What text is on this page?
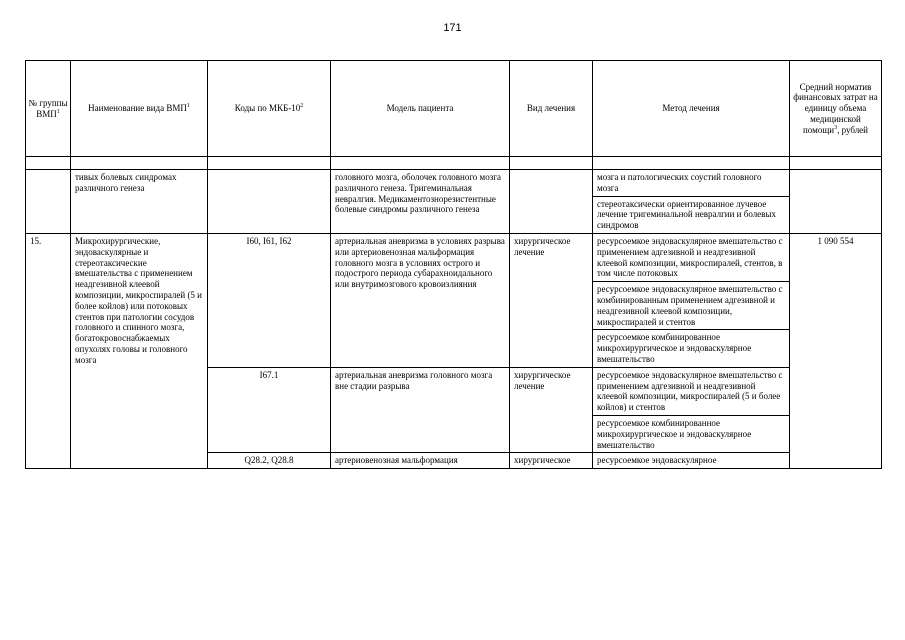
171
№ группы ВМП$^1$	Наименование вида ВМП$^1$	Коды по МКБ-$10^2$	Модель пациента	Вид лечения	Метод лечения	Средний норматив финансовых затрат на единицу объема медицинской помощи$^3$, рублей

	тивых болевых синдромах различного генеза		головного мозга, оболочек головного мозга различного генеза. Тригеминальная невралгия. Медикаментознорезистентные болевые синдромы различного генеза		мозга и патологических соустий головного мозга	
					стереотаксически ориентированное лучевое лечение тригеминальной невралгии и болевых синдромов	
15.	Микрохирургические, эндоваскулярные и стереотаксические вмешательства с применением неадгезивной клеевой композиции, микроспиралей (5 и более койлов) или потоковых стентов при патологии сосудов головного и спинного мозга, богатокровоснабжаемых опухолях головы и головного мозга	I60, I61, I62	артериальная аневризма в условиях разрыва или артериовенозная мальформация головного мозга в условиях острого и подострого периода субарахноидального или внутримозгового кровоизлияния	хирургическое лечение	ресурсоемкое эндоваскулярное вмешательство с применением адгезивной и неадгезивной клеевой композиции, микроспиралей, стентов, в том числе потоковых	1 090 554
					ресурсоемкое эндоваскулярное вмешательство с комбинированным применением адгезивной и неадгезивной клеевой композиции, микроспиралей и стентов	
					ресурсоемкое комбинированное микрохирургическое и эндоваскулярное вмешательство	
		I67.1	артериальная аневризма головного мозга вне стадии разрыва	хирургическое лечение	ресурсоемкое эндоваскулярное вмешательство с применением адгезивной и неадгезивной клеевой композиции, микроспиралей (5 и более койлов) и стентов	
					ресурсоемкое комбинированное микрохирургическое и эндоваскулярное вмешательство	
		Q28.2, Q28.8	артериовенозная мальформация	хирургическое	ресурсоемкое эндоваскулярное	
